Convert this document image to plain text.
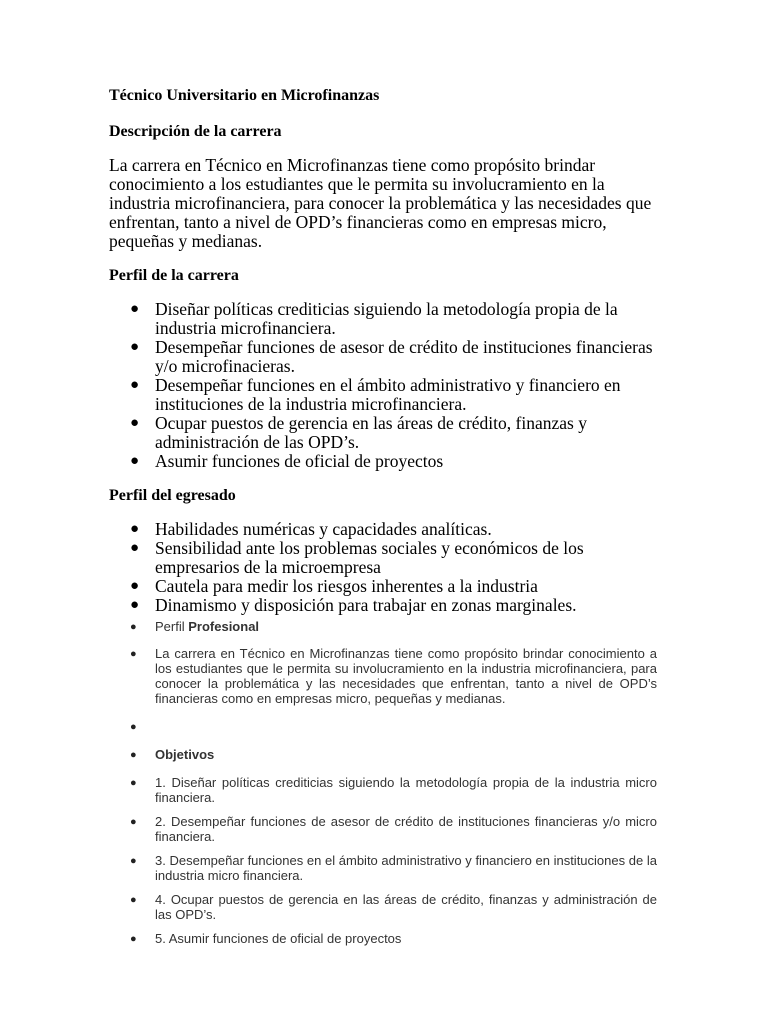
Técnico Universitario en Microfinanzas
Descripción de la carrera

La carrera en Técnico en Microfinanzas tiene como propósito brindar conocimiento a los estudiantes que le permita su involucramiento en la industria microfinanciera, para conocer la problemática y las necesidades que enfrentan, tanto a nivel de OPD’s financieras como en empresas micro, pequeñas y medianas.

Perfil de la carrera
● Diseñar políticas crediticias siguiendo la metodología propia de la industria microfinanciera.
● Desempeñar funciones de asesor de crédito de instituciones financieras y/o microfinacieras.
● Desempeñar funciones en el ámbito administrativo y financiero en instituciones de la industria microfinanciera.
● Ocupar puestos de gerencia en las áreas de crédito, finanzas y administración de las OPD’s.
● Asumir funciones de oficial de proyectos
Perfil del egresado
● Habilidades numéricas y capacidades analíticas.
● Sensibilidad ante los problemas sociales y económicos de los empresarios de la microempresa
● Cautela para medir los riesgos inherentes a la industria
● Dinamismo y disposición para trabajar en zonas marginales.
● Perfil Profesional
● La carrera en Técnico en Microfinanzas tiene como propósito brindar conocimiento a los estudiantes que le permita su involucramiento en la industria microfinanciera, para conocer la problemática y las necesidades que enfrentan, tanto a nivel de OPD’s financieras como en empresas micro, pequeñas y medianas.
●
● Objetivos
● 1. Diseñar políticas crediticias siguiendo la metodología propia de la industria micro financiera.
● 2. Desempeñar funciones de asesor de crédito de instituciones financieras y/o micro financiera.
● 3. Desempeñar funciones en el ámbito administrativo y financiero en instituciones de la industria micro financiera.
● 4. Ocupar puestos de gerencia en las áreas de crédito, finanzas y administración de las OPD’s.
● 5. Asumir funciones de oficial de proyectos
